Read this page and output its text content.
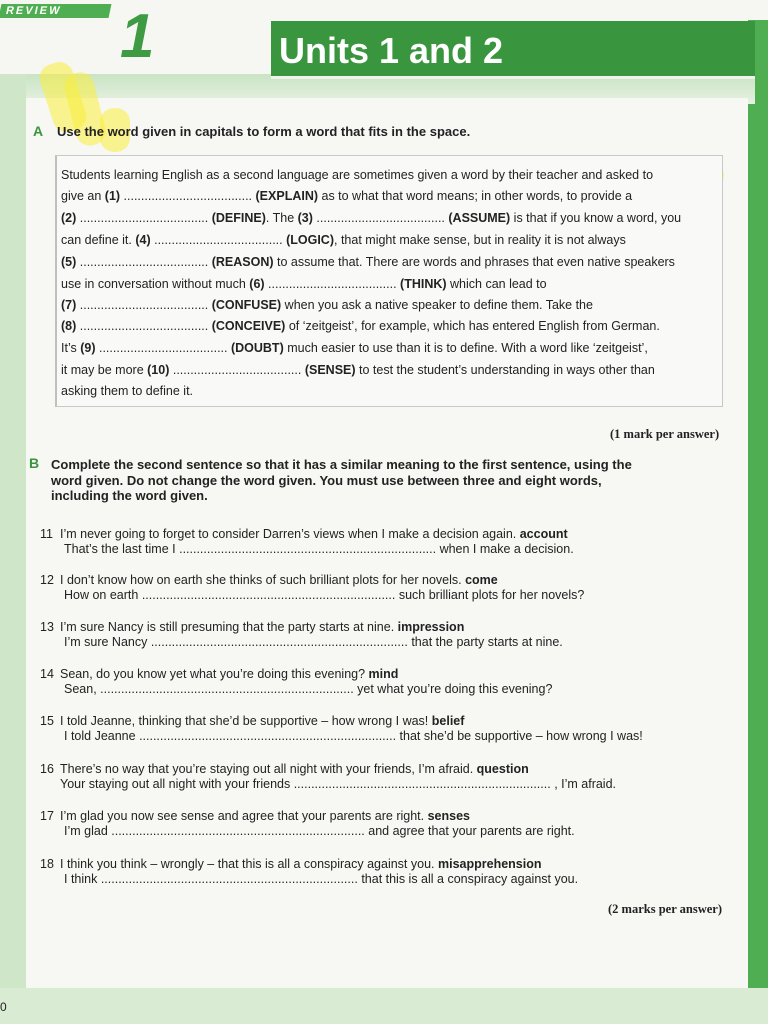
REVIEW 1	Units 1 and 2
A Use the word given in capitals to form a word that fits in the space.
Students learning English as a second language are sometimes given a word by their teacher and asked to
give an (1) ..................................... (EXPLAIN) as to what that word means; in other words, to provide a
(2) ..................................... (DEFINE). The (3) ..................................... (ASSUME) is that if you know a word, you
can define it. (4) ..................................... (LOGIC), that might make sense, but in reality it is not always
(5) ..................................... (REASON) to assume that. There are words and phrases that even native speakers
use in conversation without much (6) ..................................... (THINK) which can lead to
(7) ..................................... (CONFUSE) when you ask a native speaker to define them. Take the
(8) ..................................... (CONCEIVE) of ‘zeitgeist’, for example, which has entered English from German.
It’s (9) ..................................... (DOUBT) much easier to use than it is to define. With a word like ‘zeitgeist’,
it may be more (10) ..................................... (SENSE) to test the student’s understanding in ways other than
asking them to define it.
(1 mark per answer)
B Complete the second sentence so that it has a similar meaning to the first sentence, using the
word given. Do not change the word given. You must use between three and eight words,
including the word given.
11 I’m never going to forget to consider Darren’s views when I make a decision again. account
That’s the last time I .......................................................................... when I make a decision.
12 I don’t know how on earth she thinks of such brilliant plots for her novels. come
How on earth ......................................................................... such brilliant plots for her novels?
13 I’m sure Nancy is still presuming that the party starts at nine. impression
I’m sure Nancy .......................................................................... that the party starts at nine.
14 Sean, do you know yet what you’re doing this evening? mind
Sean, ......................................................................... yet what you’re doing this evening?
15 I told Jeanne, thinking that she’d be supportive – how wrong I was! belief
I told Jeanne .......................................................................... that she’d be supportive – how wrong I was!
16 There’s no way that you’re staying out all night with your friends, I’m afraid. question
Your staying out all night with your friends .......................................................................... , I’m afraid.
17 I’m glad you now see sense and agree that your parents are right. senses
I’m glad ......................................................................... and agree that your parents are right.
18 I think you think – wrongly – that this is all a conspiracy against you. misapprehension
I think .......................................................................... that this is all a conspiracy against you.
(2 marks per answer)
0
